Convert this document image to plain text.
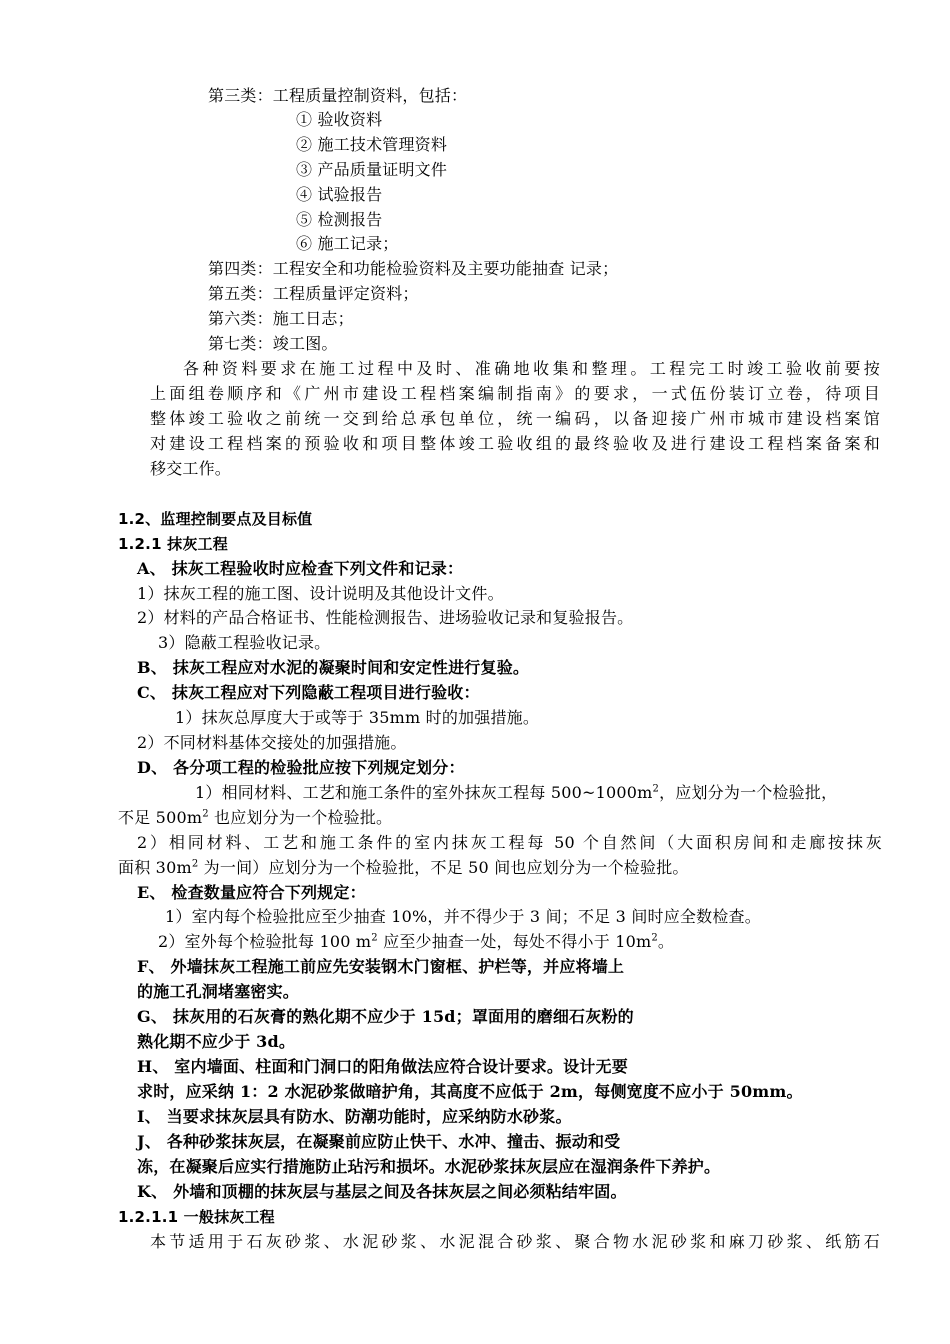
第三类：工程质量控制资料，包括：
① 验收资料
② 施工技术管理资料
③ 产品质量证明文件
④ 试验报告
⑤ 检测报告
⑥ 施工记录；
第四类：工程安全和功能检验资料及主要功能抽查 记录；
第五类：工程质量评定资料；
第六类：施工日志；
第七类：竣工图。
各种资料要求在施工过程中及时、准确地收集和整理。工程完工时竣工验收前要按
上面组卷顺序和《广州市建设工程档案编制指南》的要求，一式伍份装订立卷，待项目
整体竣工验收之前统一交到给总承包单位，统一编码，以备迎接广州市城市建设档案馆
对建设工程档案的预验收和项目整体竣工验收组的最终验收及进行建设工程档案备案和
移交工作。
1.2、监理控制要点及目标值
1.2.1 抹灰工程
A、 抹灰工程验收时应检查下列文件和记录：
1）抹灰工程的施工图、设计说明及其他设计文件。
2）材料的产品合格证书、性能检测报告、进场验收记录和复验报告。
3）隐蔽工程验收记录。
B、 抹灰工程应对水泥的凝聚时间和安定性进行复验。
C、 抹灰工程应对下列隐蔽工程项目进行验收：
1）抹灰总厚度大于或等于 35mm 时的加强措施。
2）不同材料基体交接处的加强措施。
D、 各分项工程的检验批应按下列规定划分：
1）相同材料、工艺和施工条件的室外抹灰工程每 $500\sim 1000m^2$，应划分为一个检验批，
不足 $500m^2$ 也应划分为一个检验批。
2）相同材料、工艺和施工条件的室内抹灰工程每 50 个自然间（大面积房间和走廊按抹灰
面积 $30m^2$ 为一间）应划分为一个检验批，不足 50 间也应划分为一个检验批。
E、 检查数量应符合下列规定：
1）室内每个检验批应至少抽查 10%，并不得少于 3 间；不足 3 间时应全数检查。
2）室外每个检验批每 100 $m^2$ 应至少抽查一处，每处不得小于 $10m^2$。
F、 外墙抹灰工程施工前应先安装钢木门窗框、护栏等，并应将墙上
的施工孔洞堵塞密实。
G、 抹灰用的石灰膏的熟化期不应少于 15d；罩面用的磨细石灰粉的
熟化期不应少于 3d。
H、 室内墙面、柱面和门洞口的阳角做法应符合设计要求。设计无要
求时，应采纳 1：2 水泥砂浆做暗护角，其高度不应低于 2m，每侧宽度不应小于 50mm。
I、 当要求抹灰层具有防水、防潮功能时，应采纳防水砂浆。
J、 各种砂浆抹灰层，在凝聚前应防止快干、水冲、撞击、振动和受
冻，在凝聚后应实行措施防止玷污和损坏。水泥砂浆抹灰层应在湿润条件下养护。
K、 外墙和顶棚的抹灰层与基层之间及各抹灰层之间必须粘结牢固。
1.2.1.1 一般抹灰工程
本节适用于石灰砂浆、水泥砂浆、水泥混合砂浆、聚合物水泥砂浆和麻刀砂浆、纸筋石
